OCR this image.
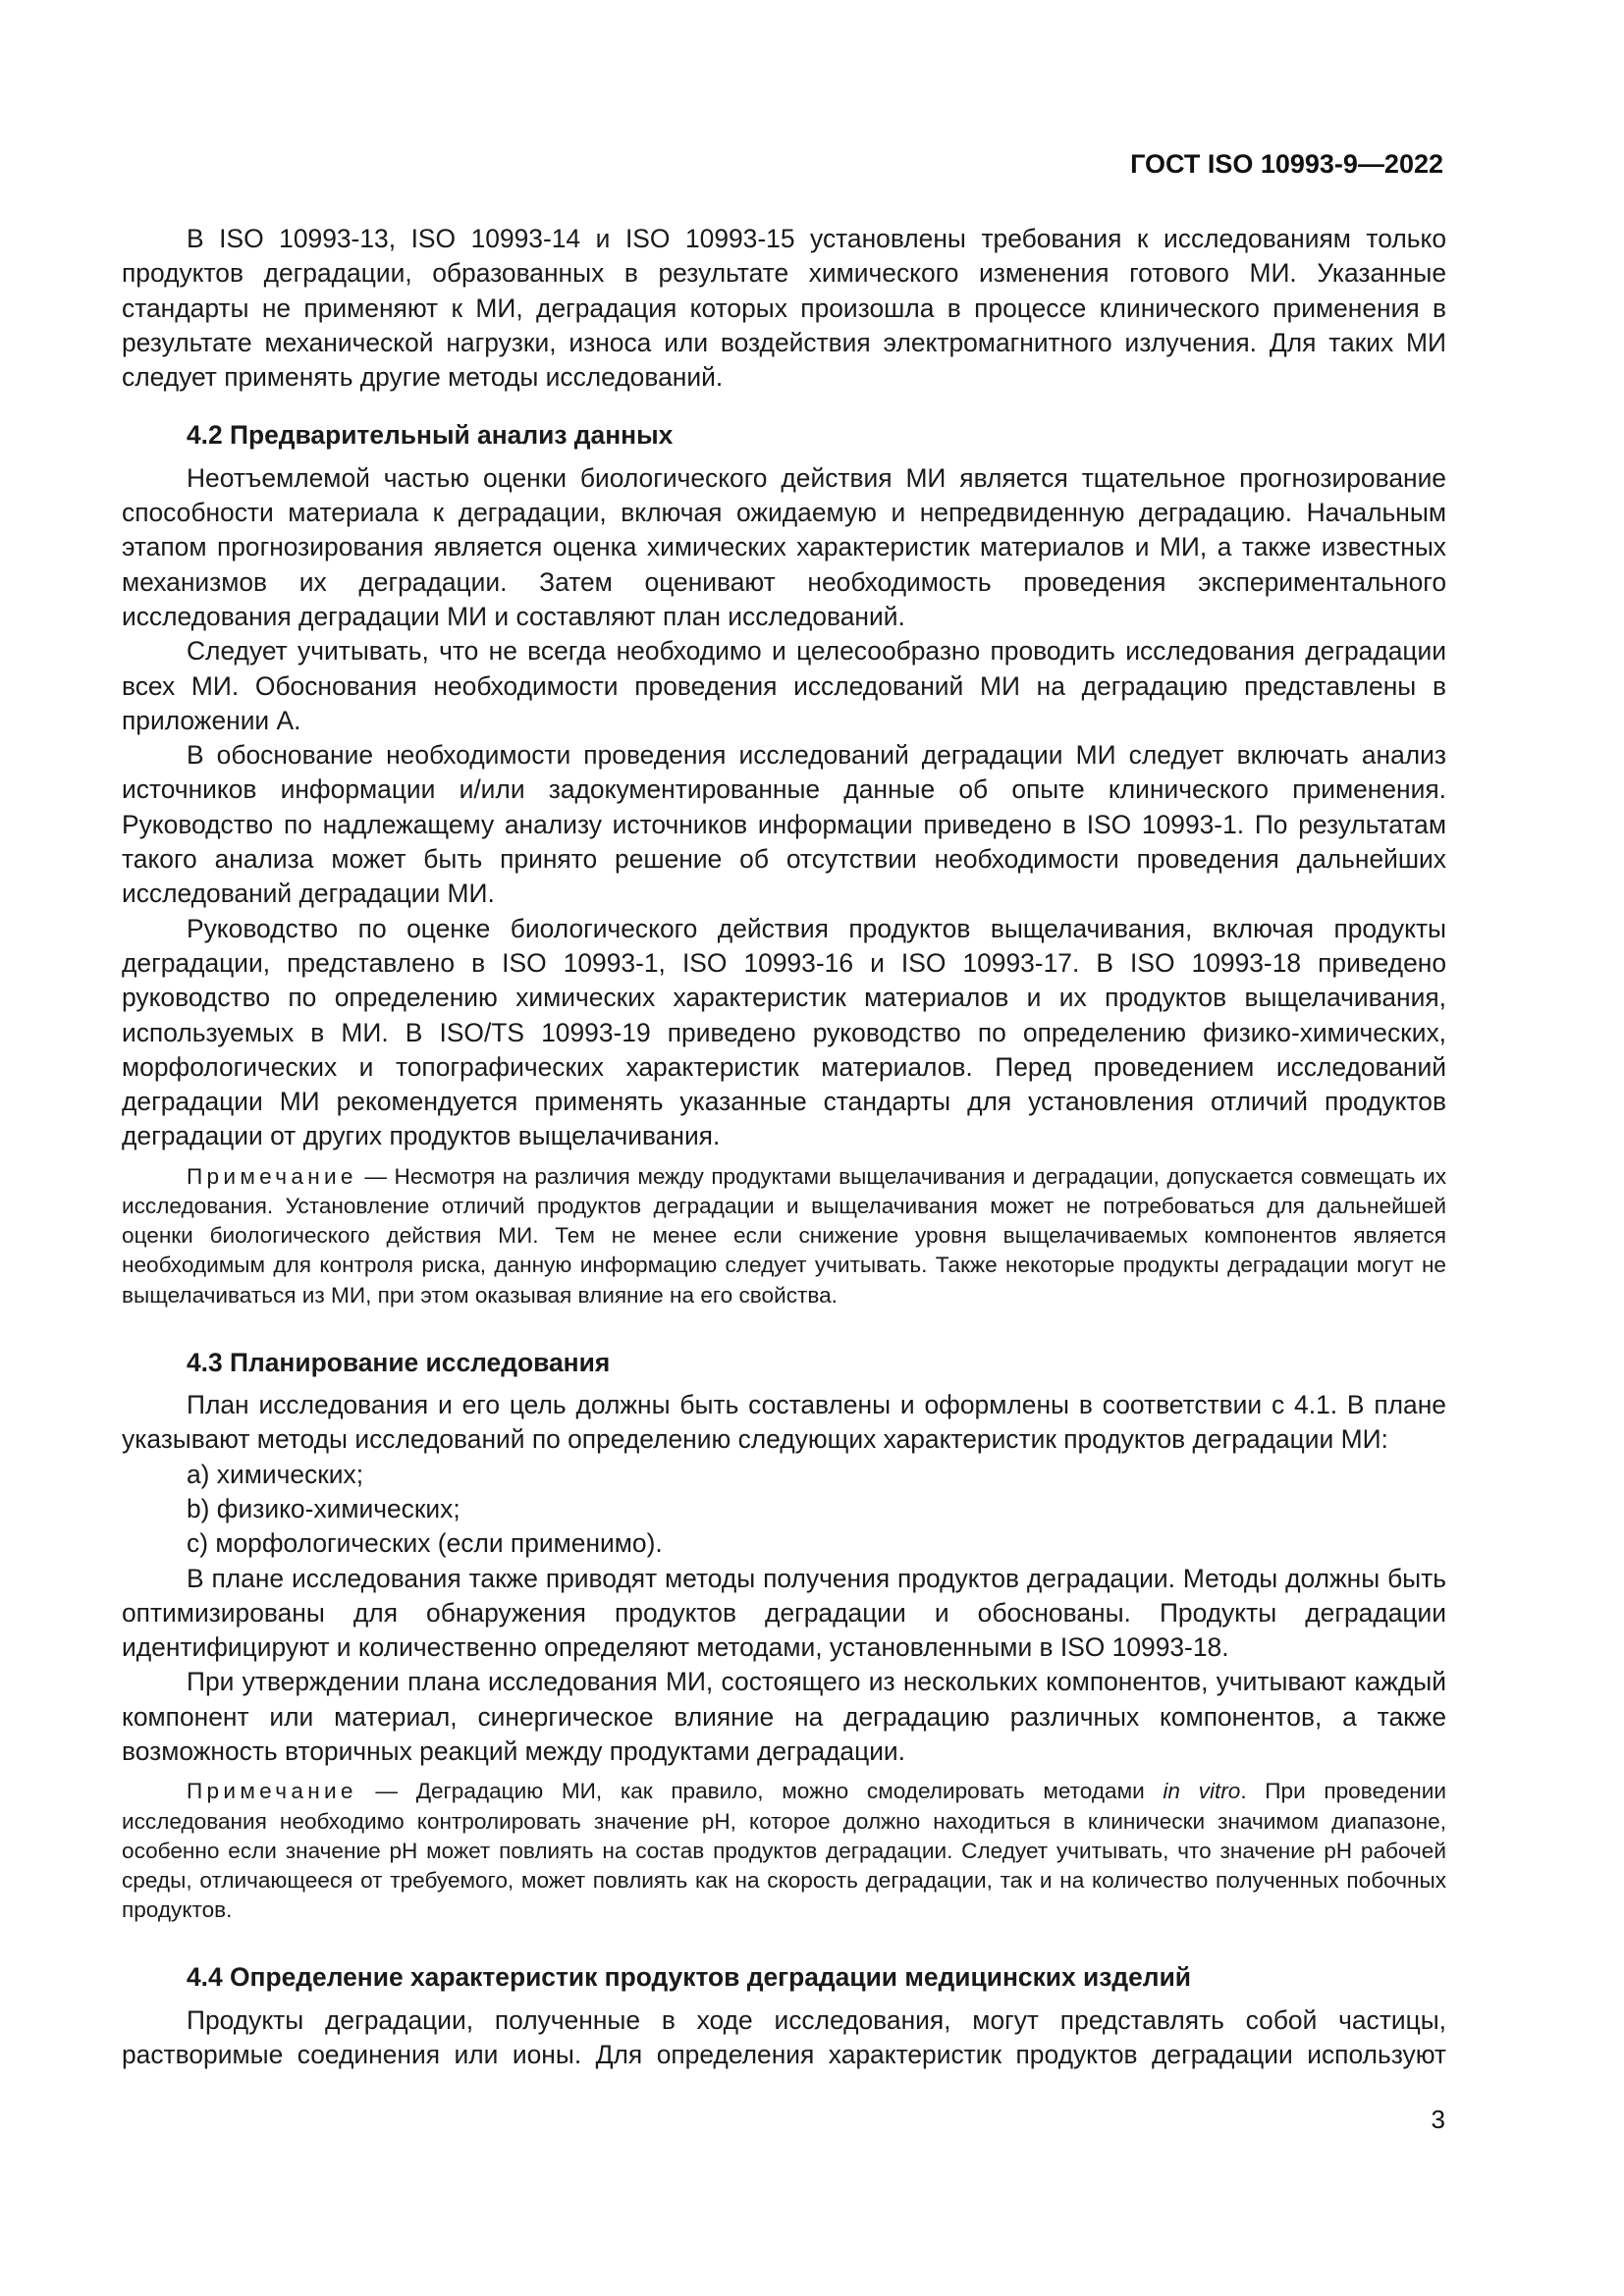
ГОСТ ISO 10993-9—2022

В ISO 10993-13, ISO 10993-14 и ISO 10993-15 установлены требования к исследованиям только продуктов деградации, образованных в результате химического изменения готового МИ. Указанные стандарты не применяют к МИ, деградация которых произошла в процессе клинического применения в результате механической нагрузки, износа или воздействия электромагнитного излучения. Для таких МИ следует применять другие методы исследований.

4.2 Предварительный анализ данных

Неотъемлемой частью оценки биологического действия МИ является тщательное прогнозирование способности материала к деградации, включая ожидаемую и непредвиденную деградацию. Начальным этапом прогнозирования является оценка химических характеристик материалов и МИ, а также известных механизмов их деградации. Затем оценивают необходимость проведения экспериментального исследования деградации МИ и составляют план исследований.

Следует учитывать, что не всегда необходимо и целесообразно проводить исследования деградации всех МИ. Обоснования необходимости проведения исследований МИ на деградацию представлены в приложении А.

В обоснование необходимости проведения исследований деградации МИ следует включать анализ источников информации и/или задокументированные данные об опыте клинического применения. Руководство по надлежащему анализу источников информации приведено в ISO 10993-1. По результатам такого анализа может быть принято решение об отсутствии необходимости проведения дальнейших исследований деградации МИ.

Руководство по оценке биологического действия продуктов выщелачивания, включая продукты деградации, представлено в ISO 10993-1, ISO 10993-16 и ISO 10993-17. В ISO 10993-18 приведено руководство по определению химических характеристик материалов и их продуктов выщелачивания, используемых в МИ. В ISO/TS 10993-19 приведено руководство по определению физико-химических, морфологических и топографических характеристик материалов. Перед проведением исследований деградации МИ рекомендуется применять указанные стандарты для установления отличий продуктов деградации от других продуктов выщелачивания.

Примечание — Несмотря на различия между продуктами выщелачивания и деградации, допускается совмещать их исследования. Установление отличий продуктов деградации и выщелачивания может не потребоваться для дальнейшей оценки биологического действия МИ. Тем не менее если снижение уровня выщелачиваемых компонентов является необходимым для контроля риска, данную информацию следует учитывать. Также некоторые продукты деградации могут не выщелачиваться из МИ, при этом оказывая влияние на его свойства.

4.3 Планирование исследования

План исследования и его цель должны быть составлены и оформлены в соответствии с 4.1. В плане указывают методы исследований по определению следующих характеристик продуктов деградации МИ:

a) химических;
b) физико-химических;
c) морфологических (если применимо).

В плане исследования также приводят методы получения продуктов деградации. Методы должны быть оптимизированы для обнаружения продуктов деградации и обоснованы. Продукты деградации идентифицируют и количественно определяют методами, установленными в ISO 10993-18.

При утверждении плана исследования МИ, состоящего из нескольких компонентов, учитывают каждый компонент или материал, синергическое влияние на деградацию различных компонентов, а также возможность вторичных реакций между продуктами деградации.

Примечание — Деградацию МИ, как правило, можно смоделировать методами in vitro. При проведении исследования необходимо контролировать значение pH, которое должно находиться в клинически значимом диапазоне, особенно если значение pH может повлиять на состав продуктов деградации. Следует учитывать, что значение pH рабочей среды, отличающееся от требуемого, может повлиять как на скорость деградации, так и на количество полученных побочных продуктов.

4.4 Определение характеристик продуктов деградации медицинских изделий

Продукты деградации, полученные в ходе исследования, могут представлять собой частицы, растворимые соединения или ионы. Для определения характеристик продуктов деградации используют

3
